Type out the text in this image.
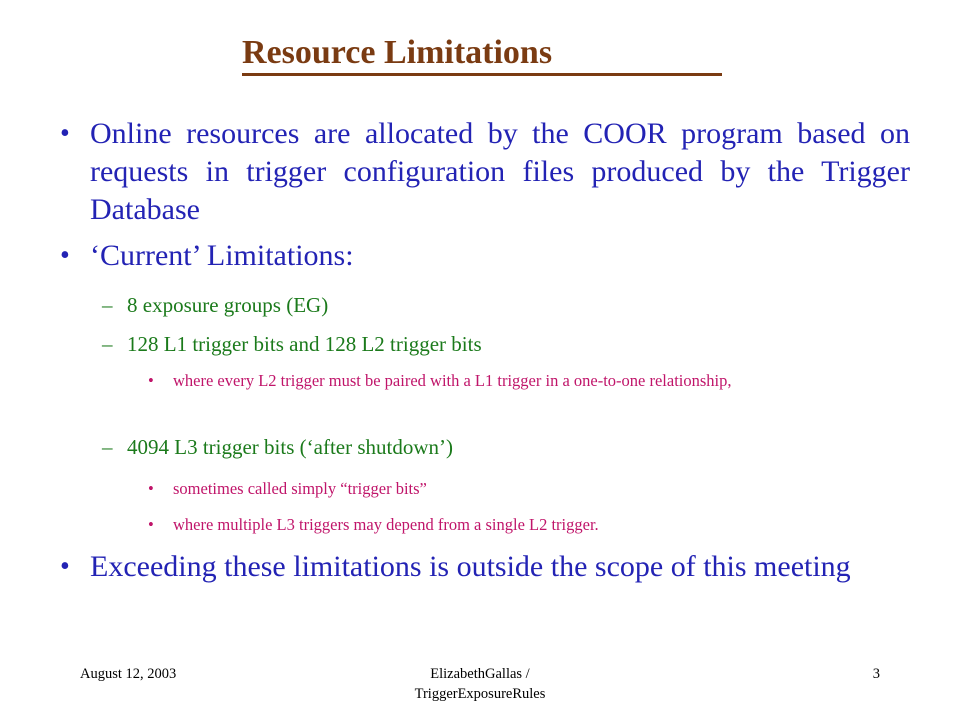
Resource Limitations
• Online resources are allocated by the COOR program based on requests in trigger configuration files produced by the Trigger Database
• ‘Current’ Limitations:
– 8 exposure groups (EG)
– 128 L1 trigger bits and 128 L2 trigger bits
• where every L2 trigger must be paired with a L1 trigger in a one-to-one relationship,
– 4094 L3 trigger bits (‘after shutdown’)
• sometimes called simply “trigger bits”
• where multiple L3 triggers may depend from a single L2 trigger.
• Exceeding these limitations is outside the scope of this meeting
August 12, 2003	ElizabethGallas /
TriggerExposureRules
3
